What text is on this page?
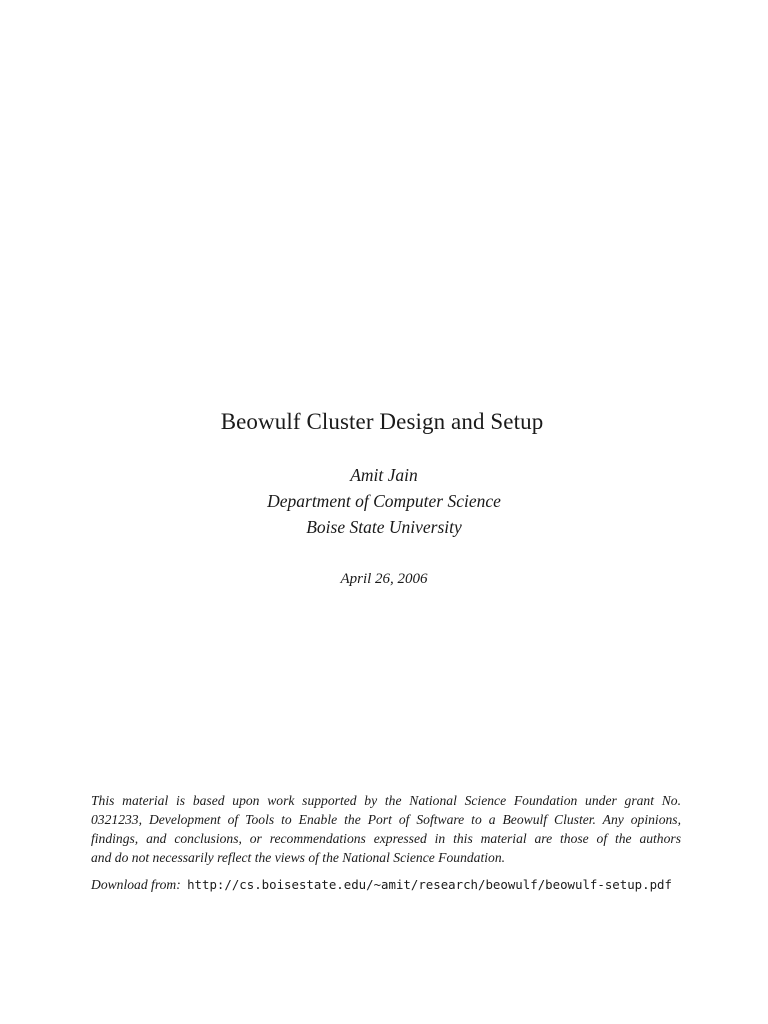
Beowulf Cluster Design and Setup
Amit Jain
Department of Computer Science
Boise State University
April 26, 2006
This material is based upon work supported by the National Science Foundation under grant No.
0321233, Development of Tools to Enable the Port of Software to a Beowulf Cluster. Any opinions,
findings, and conclusions, or recommendations expressed in this material are those of the authors
and do not necessarily reflect the views of the National Science Foundation.
Download from: http://cs.boisestate.edu/~amit/research/beowulf/beowulf-setup.pdf
